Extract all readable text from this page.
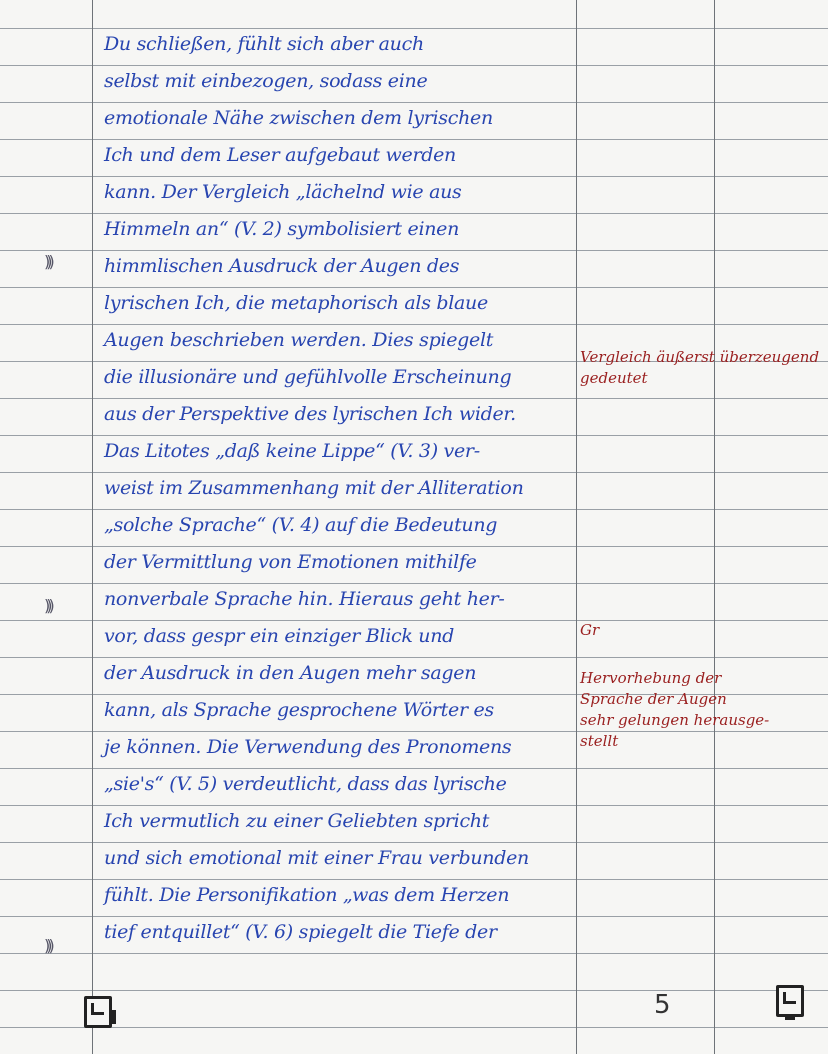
)))
)))
)))
Du schließen, fühlt sich aber auch
selbst mit einbezogen, sodass eine
emotionale Nähe zwischen dem lyrischen
Ich und dem Leser aufgebaut werden
kann. Der Vergleich „lächelnd wie aus
Himmeln an“ (V. 2) symbolisiert einen
himmlischen Ausdruck der Augen des
lyrischen Ich, die metaphorisch als blaue
Augen beschrieben werden. Dies spiegelt
die illusionäre und gefühlvolle Erscheinung
aus der Perspektive des lyrischen Ich wider.
Das Litotes „daß keine Lippe“ (V. 3) ver-
weist im Zusammenhang mit der Alliteration
„solche Sprache“ (V. 4) auf die Bedeutung
der Vermittlung von Emotionen mithilfe
nonverbale Sprache hin. Hieraus geht her-
vor, dass gespr ein einziger Blick und
der Ausdruck in den Augen mehr sagen
kann, als Sprache gesprochene Wörter es
je können. Die Verwendung des Pronomens
„sie's“ (V. 5) verdeutlicht, dass das lyrische
Ich vermutlich zu einer Geliebten spricht
und sich emotional mit einer Frau verbunden
fühlt. Die Personifikation „was dem Herzen
tief entquillet“ (V. 6) spiegelt die Tiefe der
Vergleich äußerst überzeugend
gedeutet
Gr
Hervorhebung der
Sprache der Augen
sehr gelungen herausge-
stellt
5
